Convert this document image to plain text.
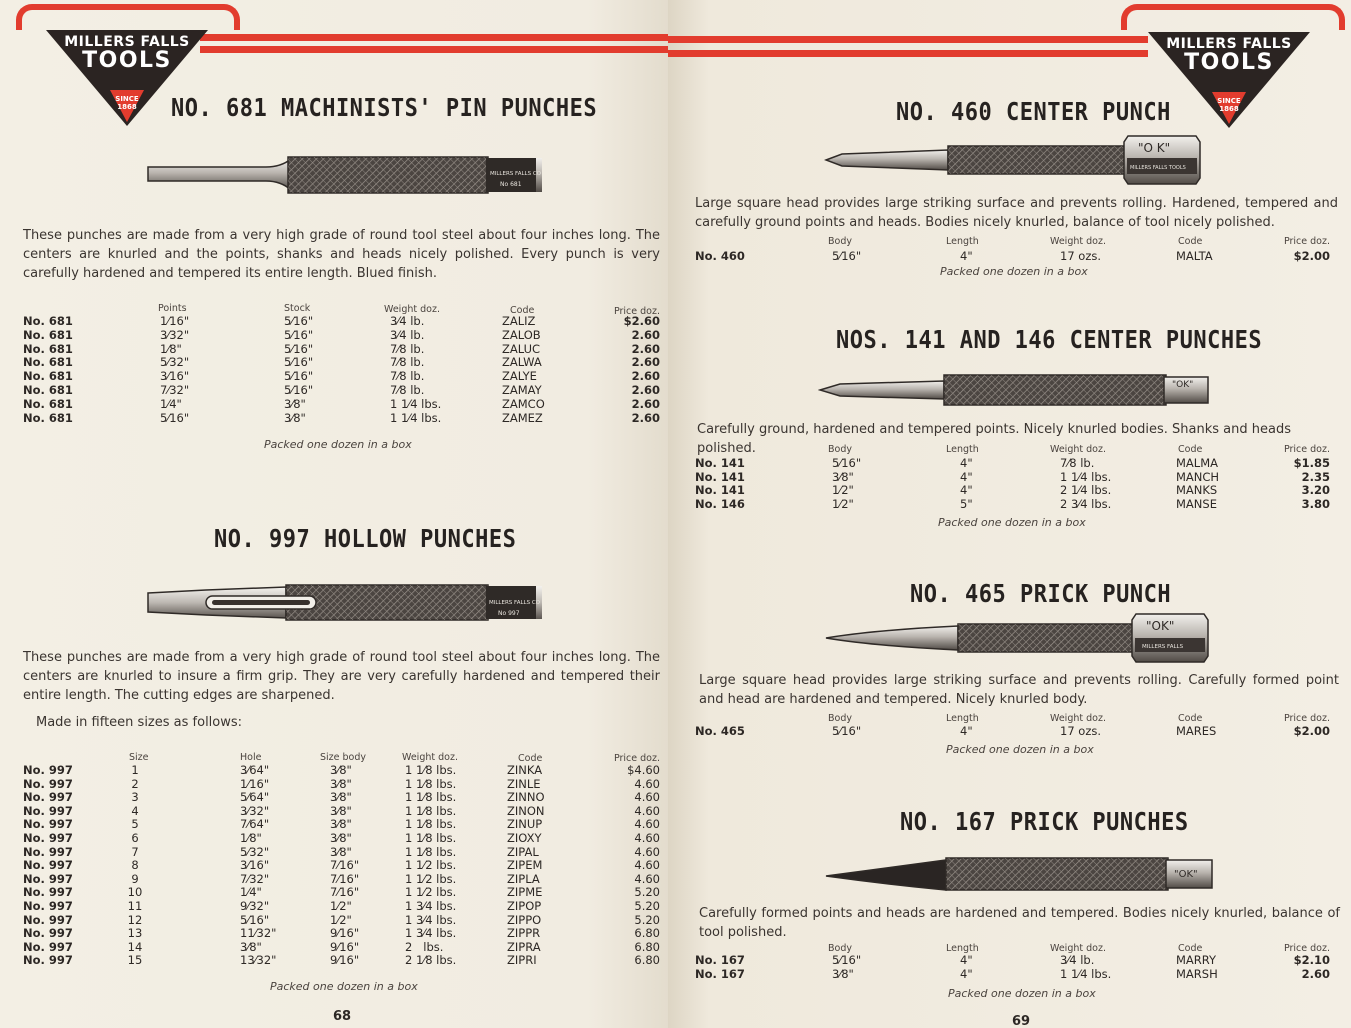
MILLERS FALLS
TOOLS
SINCE
1868	NO. 681 MACHINISTS' PIN PUNCHES
MILLERS FALLS CO
No 681
These punches are made from a very high grade of round tool steel about four inches long. The centers are knurled and the points, shanks and heads nicely polished. Every punch is very carefully hardened and tempered its entire length. Blued finish.
Points	Stock	Weight doz.	Code	Price doz.
No. 681	1⁄16"	5⁄16"	3⁄4 lb.	ZALIZ	$2.60
No. 681	3⁄32"	5⁄16"	3⁄4 lb.	ZALOB	2.60
No. 681	1⁄8"	5⁄16"	7⁄8 lb.	ZALUC	2.60
No. 681	5⁄32"	5⁄16"	7⁄8 lb.	ZALWA	2.60
No. 681	3⁄16"	5⁄16"	7⁄8 lb.	ZALYE	2.60
No. 681	7⁄32"	5⁄16"	7⁄8 lb.	ZAMAY	2.60
No. 681	1⁄4"	3⁄8"	1 1⁄4 lbs.	ZAMCO	2.60
No. 681	5⁄16"	3⁄8"	1 1⁄4 lbs.	ZAMEZ	2.60
Packed one dozen in a box
NO. 997 HOLLOW PUNCHES
MILLERS FALLS CO
No 997
These punches are made from a very high grade of round tool steel about four inches long. The centers are knurled to insure a firm grip. They are very carefully hardened and tempered their entire length. The cutting edges are sharpened.
Made in fifteen sizes as follows:
Size	Hole	Size body	Weight doz.	Code	Price doz.
No. 997	1	3⁄64"	3⁄8"	1 1⁄8 lbs.	ZINKA	$4.60
No. 997	2	1⁄16"	3⁄8"	1 1⁄8 lbs.	ZINLE	4.60
No. 997	3	5⁄64"	3⁄8"	1 1⁄8 lbs.	ZINNO	4.60
No. 997	4	3⁄32"	3⁄8"	1 1⁄8 lbs.	ZINON	4.60
No. 997	5	7⁄64"	3⁄8"	1 1⁄8 lbs.	ZINUP	4.60
No. 997	6	1⁄8"	3⁄8"	1 1⁄8 lbs.	ZIOXY	4.60
No. 997	7	5⁄32"	3⁄8"	1 1⁄8 lbs.	ZIPAL	4.60
No. 997	8	3⁄16"	7⁄16"	1 1⁄2 lbs.	ZIPEM	4.60
No. 997	9	7⁄32"	7⁄16"	1 1⁄2 lbs.	ZIPLA	4.60
No. 997	10	1⁄4"	7⁄16"	1 1⁄2 lbs.	ZIPME	5.20
No. 997	11	9⁄32"	1⁄2"	1 3⁄4 lbs.	ZIPOP	5.20
No. 997	12	5⁄16"	1⁄2"	1 3⁄4 lbs.	ZIPPO	5.20
No. 997	13	11⁄32"	9⁄16"	1 3⁄4 lbs.	ZIPPR	6.80
No. 997	14	3⁄8"	9⁄16"	2   lbs.	ZIPRA	6.80
No. 997	15	13⁄32"	9⁄16"	2 1⁄8 lbs.	ZIPRI	6.80
Packed one dozen in a box
68
MILLERS FALLS
TOOLS
SINCE
1868
NO. 460 CENTER PUNCH
"O K"
MILLERS FALLS TOOLS
Large square head provides large striking surface and prevents rolling. Hardened, tempered and carefully ground points and heads. Bodies nicely knurled, balance of tool nicely polished.
Body	Length	Weight doz.	Code	Price doz.
No. 460	5⁄16"	4"	17 ozs.	MALTA	$2.00
Packed one dozen in a box
NOS. 141 AND 146 CENTER PUNCHES
"OK"
Carefully ground, hardened and tempered points. Nicely knurled bodies. Shanks and heads polished.	Body	Length	Weight doz.	Code	Price doz.
No. 141	5⁄16"	4"	7⁄8 lb.	MALMA	$1.85
No. 141	3⁄8"	4"	1 1⁄4 lbs.	MANCH	2.35
No. 141	1⁄2"	4"	2 1⁄4 lbs.	MANKS	3.20
No. 146	1⁄2"	5"	2 3⁄4 lbs.	MANSE	3.80
Packed one dozen in a box
NO. 465 PRICK PUNCH
"OK"
MILLERS FALLS
Large square head provides large striking surface and prevents rolling. Carefully formed point and head are hardened and tempered. Nicely knurled body.
Body	Length	Weight doz.	Code	Price doz.
No. 465	5⁄16"	4"	17 ozs.	MARES	$2.00
Packed one dozen in a box
NO. 167 PRICK PUNCHES
"OK"
Carefully formed points and heads are hardened and tempered. Bodies nicely knurled, balance of tool polished.
Body	Length	Weight doz.	Code	Price doz.
No. 167	5⁄16"	4"	3⁄4 lb.	MARRY	$2.10
No. 167	3⁄8"	4"	1 1⁄4 lbs.	MARSH	2.60
Packed one dozen in a box
69
